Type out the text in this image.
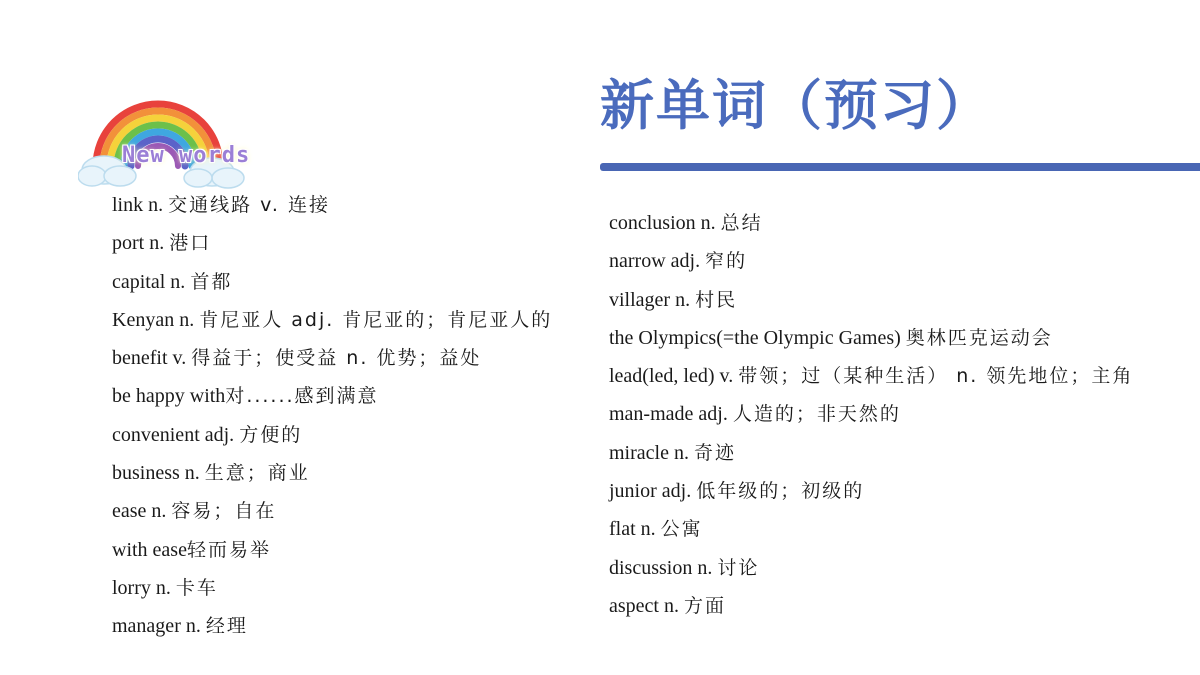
New words
新单词（预习）
link n. 交通线路 v. 连接
port n. 港口
capital n. 首都
Kenyan n. 肯尼亚人 adj. 肯尼亚的；肯尼亚人的
benefit v. 得益于；使受益 n. 优势；益处
be happy with对......感到满意
convenient adj. 方便的
business n. 生意；商业
ease n. 容易；自在
with ease轻而易举
lorry n. 卡车
manager n. 经理
conclusion n. 总结
narrow adj. 窄的
villager n. 村民
the Olympics(=the Olympic Games) 奥林匹克运动会
lead(led, led) v. 带领；过（某种生活） n. 领先地位；主角
man-made adj. 人造的；非天然的
miracle n. 奇迹
junior adj. 低年级的；初级的
flat n. 公寓
discussion n. 讨论
aspect n. 方面
